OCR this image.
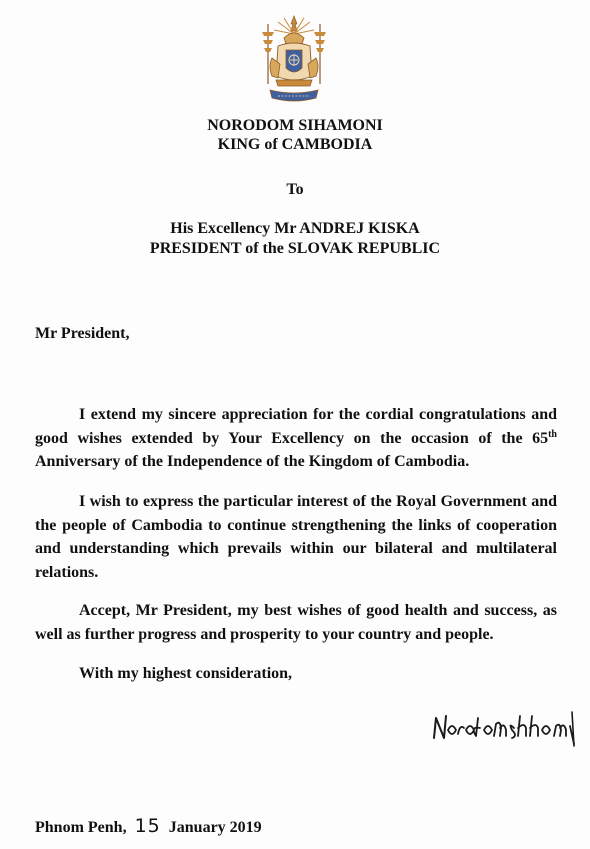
NORODOM SIHAMONI
KING of CAMBODIA
To
His Excellency Mr ANDREJ KISKA
PRESIDENT of the SLOVAK REPUBLIC
Mr President,
I extend my sincere appreciation for the cordial congratulations and good wishes extended by Your Excellency on the occasion of the 65th Anniversary of the Independence of the Kingdom of Cambodia.
I wish to express the particular interest of the Royal Government and the people of Cambodia to continue strengthening the links of cooperation and understanding which prevails within our bilateral and multilateral relations.
Accept, Mr President, my best wishes of good health and success, as well as further progress and prosperity to your country and people.
With my highest consideration,
Phnom Penh, 15 January 2019
